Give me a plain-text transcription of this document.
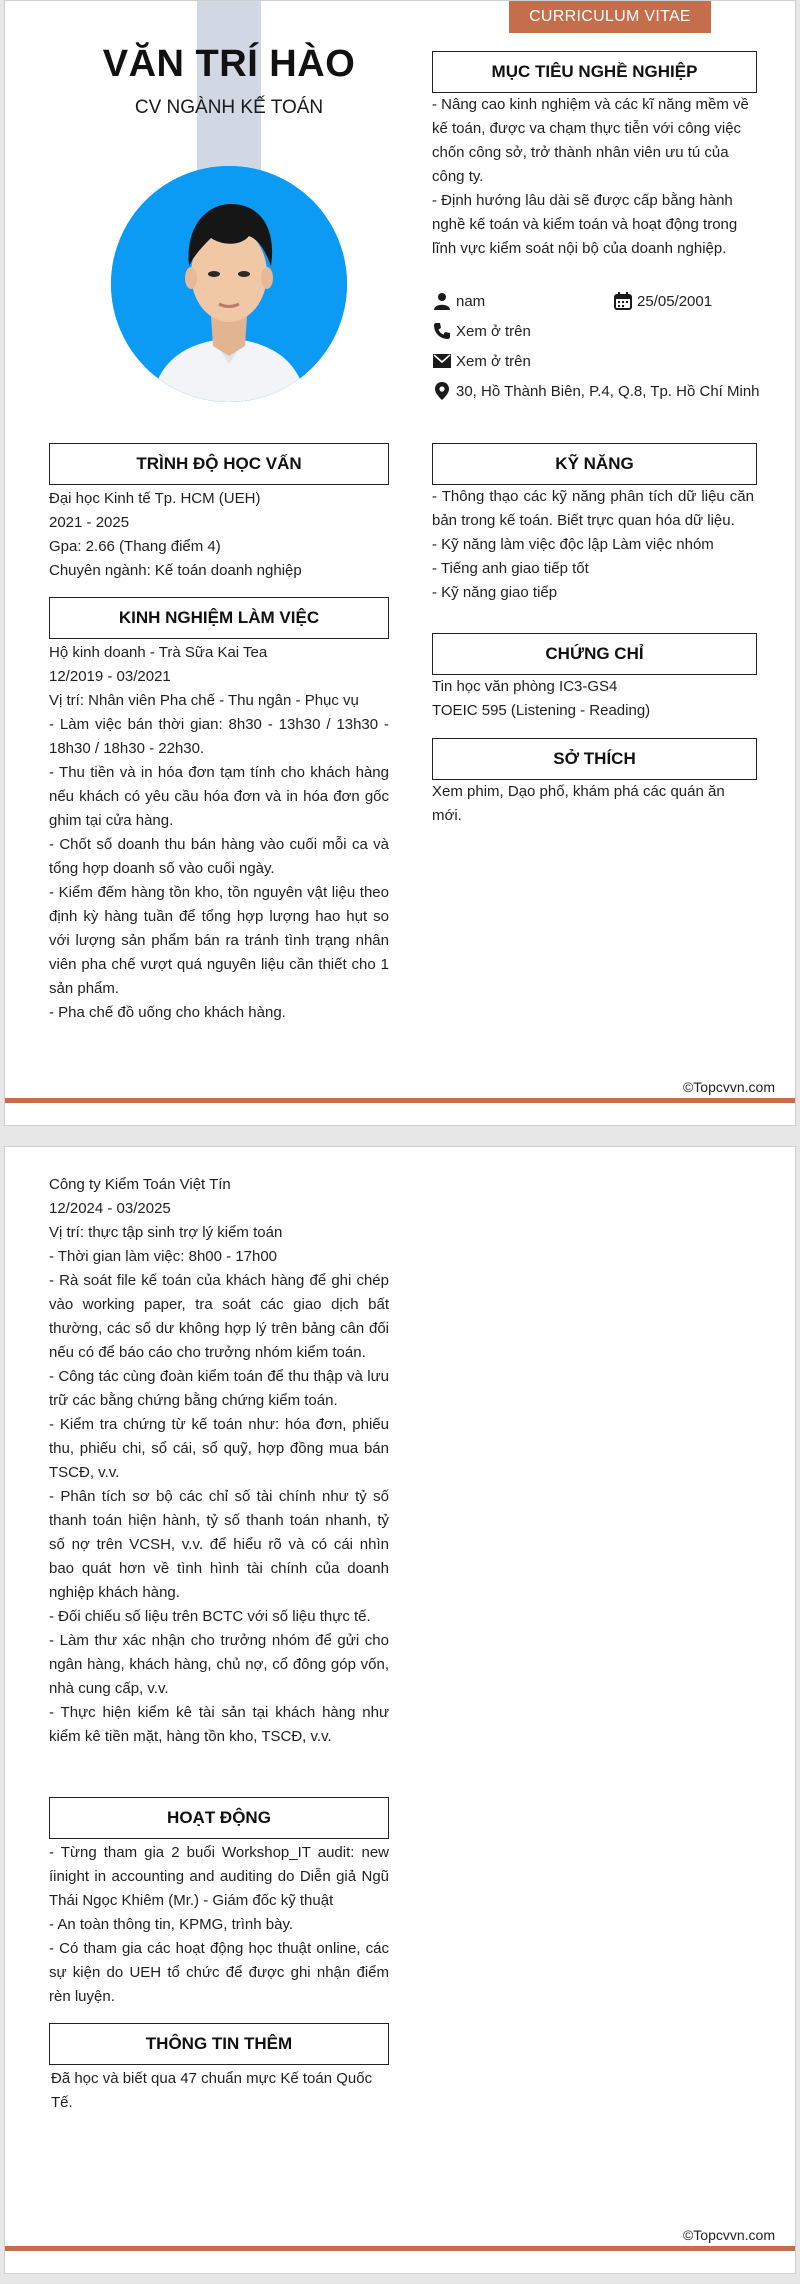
CURRICULUM VITAE
VĂN TRÍ HÀO
CV NGÀNH KẾ TOÁN
MỤC TIÊU NGHỀ NGHIỆP

- Nâng cao kinh nghiệm và các kĩ năng mềm về kế toán, được va chạm thực tiễn với công việc chốn công sở, trở thành nhân viên ưu tú của công ty.

- Định hướng lâu dài sẽ được cấp bằng hành nghề kế toán và kiểm toán và hoạt động trong lĩnh vực kiểm soát nội bộ của doanh nghiệp.

nam	25/05/2001
Xem ở trên
Xem ở trên
30, Hồ Thành Biên, P.4, Q.8, Tp. Hồ Chí Minh
TRÌNH ĐỘ HỌC VẤN

Đại học Kinh tế Tp. HCM (UEH)

2021 - 2025

Gpa: 2.66 (Thang điểm 4)

Chuyên ngành: Kế toán doanh nghiệp

KINH NGHIỆM LÀM VIỆC

Hộ kinh doanh - Trà Sữa Kai Tea

12/2019 - 03/2021

Vị trí: Nhân viên Pha chế - Thu ngân - Phục vụ

- Làm việc bán thời gian: 8h30 - 13h30 / 13h30 - 18h30 / 18h30 - 22h30.

- Thu tiền và in hóa đơn tạm tính cho khách hàng nếu khách có yêu cầu hóa đơn và in hóa đơn gốc ghim tại cửa hàng.

- Chốt số doanh thu bán hàng vào cuối mỗi ca và tổng hợp doanh số vào cuối ngày.

- Kiểm đếm hàng tồn kho, tồn nguyên vật liệu theo định kỳ hàng tuần để tổng hợp lượng hao hụt so với lượng sản phẩm bán ra tránh tình trạng nhân viên pha chế vượt quá nguyên liệu cần thiết cho 1 sản phẩm.

- Pha chế đồ uống cho khách hàng.

KỸ NĂNG

- Thông thạo các kỹ năng phân tích dữ liệu căn bản trong kế toán. Biết trực quan hóa dữ liệu.

- Kỹ năng làm việc độc lập Làm việc nhóm

- Tiếng anh giao tiếp tốt

- Kỹ năng giao tiếp

CHỨNG CHỈ

Tin học văn phòng IC3-GS4

TOEIC 595 (Listening - Reading)

SỞ THÍCH

Xem phim, Dạo phố, khám phá các quán ăn mới.

©Topcvvn.com

Công ty Kiểm Toán Việt Tín

12/2024 - 03/2025

Vị trí: thực tập sinh trợ lý kiểm toán

- Thời gian làm việc: 8h00 - 17h00

- Rà soát file kế toán của khách hàng để ghi chép vào working paper, tra soát các giao dịch bất thường, các số dư không hợp lý trên bảng cân đối nếu có để báo cáo cho trưởng nhóm kiểm toán.

- Công tác cùng đoàn kiểm toán để thu thập và lưu trữ các bằng chứng bằng chứng kiểm toán.

- Kiểm tra chứng từ kế toán như: hóa đơn, phiếu thu, phiếu chi, sổ cái, sổ quỹ, hợp đồng mua bán TSCĐ, v.v.

- Phân tích sơ bộ các chỉ số tài chính như tỷ số thanh toán hiện hành, tỷ số thanh toán nhanh, tỷ số nợ trên VCSH, v.v. để hiểu rõ và có cái nhìn bao quát hơn về tình hình tài chính của doanh nghiệp khách hàng.

- Đối chiếu số liệu trên BCTC với số liệu thực tế.

- Làm thư xác nhận cho trưởng nhóm để gửi cho ngân hàng, khách hàng, chủ nợ, cổ đông góp vốn, nhà cung cấp, v.v.

- Thực hiện kiểm kê tài sản tại khách hàng như kiểm kê tiền mặt, hàng tồn kho, TSCĐ, v.v.

HOẠT ĐỘNG

- Từng tham gia 2 buổi Workshop_IT audit: new íinight in accounting and auditing do Diễn giả Ngũ Thái Ngọc Khiêm (Mr.) - Giám đốc kỹ thuật

- An toàn thông tin, KPMG, trình bày.

- Có tham gia các hoạt động học thuật online, các sự kiện do UEH tổ chức để được ghi nhận điểm rèn luyện.

THÔNG TIN THÊM

Đã học và biết qua 47 chuẩn mực Kế toán Quốc Tế.

©Topcvvn.com
